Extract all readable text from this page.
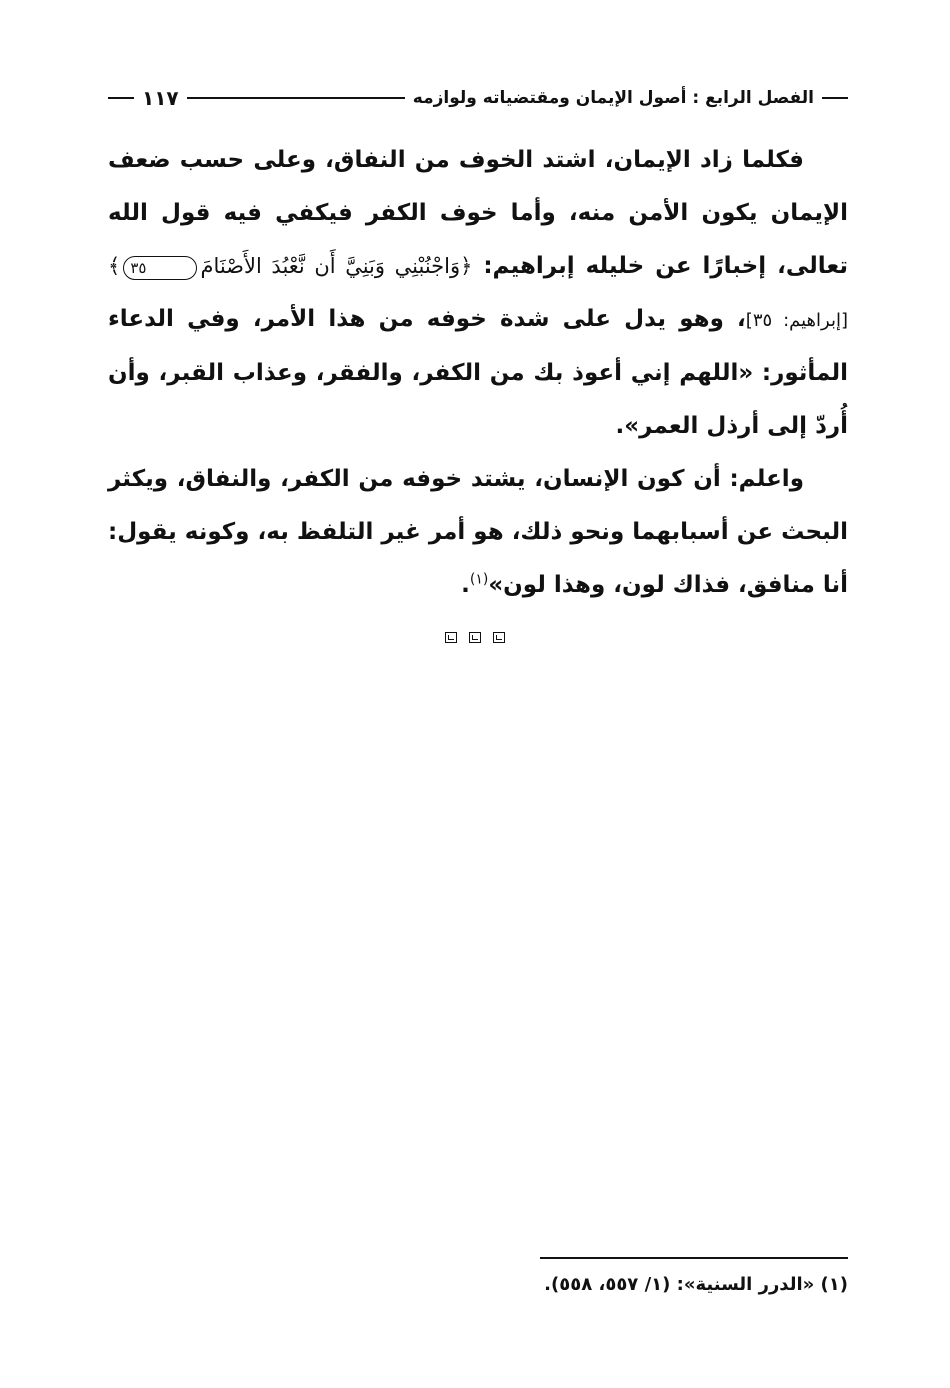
الفصل الرابع : أصول الإيمان ومقتضياته ولوازمه
١١٧

فكلما زاد الإيمان، اشتد الخوف من النفاق، وعلى حسب ضعف الإيمان يكون الأمن منه، وأما خوف الكفر فيكفي فيه قول الله تعالى، إخبارًا عن خليله إبراهيم: ﴿وَاجْنُبْنِي وَبَنِيَّ أَن نَّعْبُدَ الأَصْنَامَ٣٥﴾ [إبراهيم: ٣٥]، وهو يدل على شدة خوفه من هذا الأمر، وفي الدعاء المأثور: «اللهم إني أعوذ بك من الكفر، والفقر، وعذاب القبر، وأن أُردّ إلى أرذل العمر».

واعلم: أن كون الإنسان، يشتد خوفه من الكفر، والنفاق، ويكثر البحث عن أسبابهما ونحو ذلك، هو أمر غير التلفظ به، وكونه يقول: أنا منافق، فذاك لون، وهذا لون»$^{(١)}$.

(١) «الدرر السنية»: (١/ ٥٥٧، ٥٥٨).
